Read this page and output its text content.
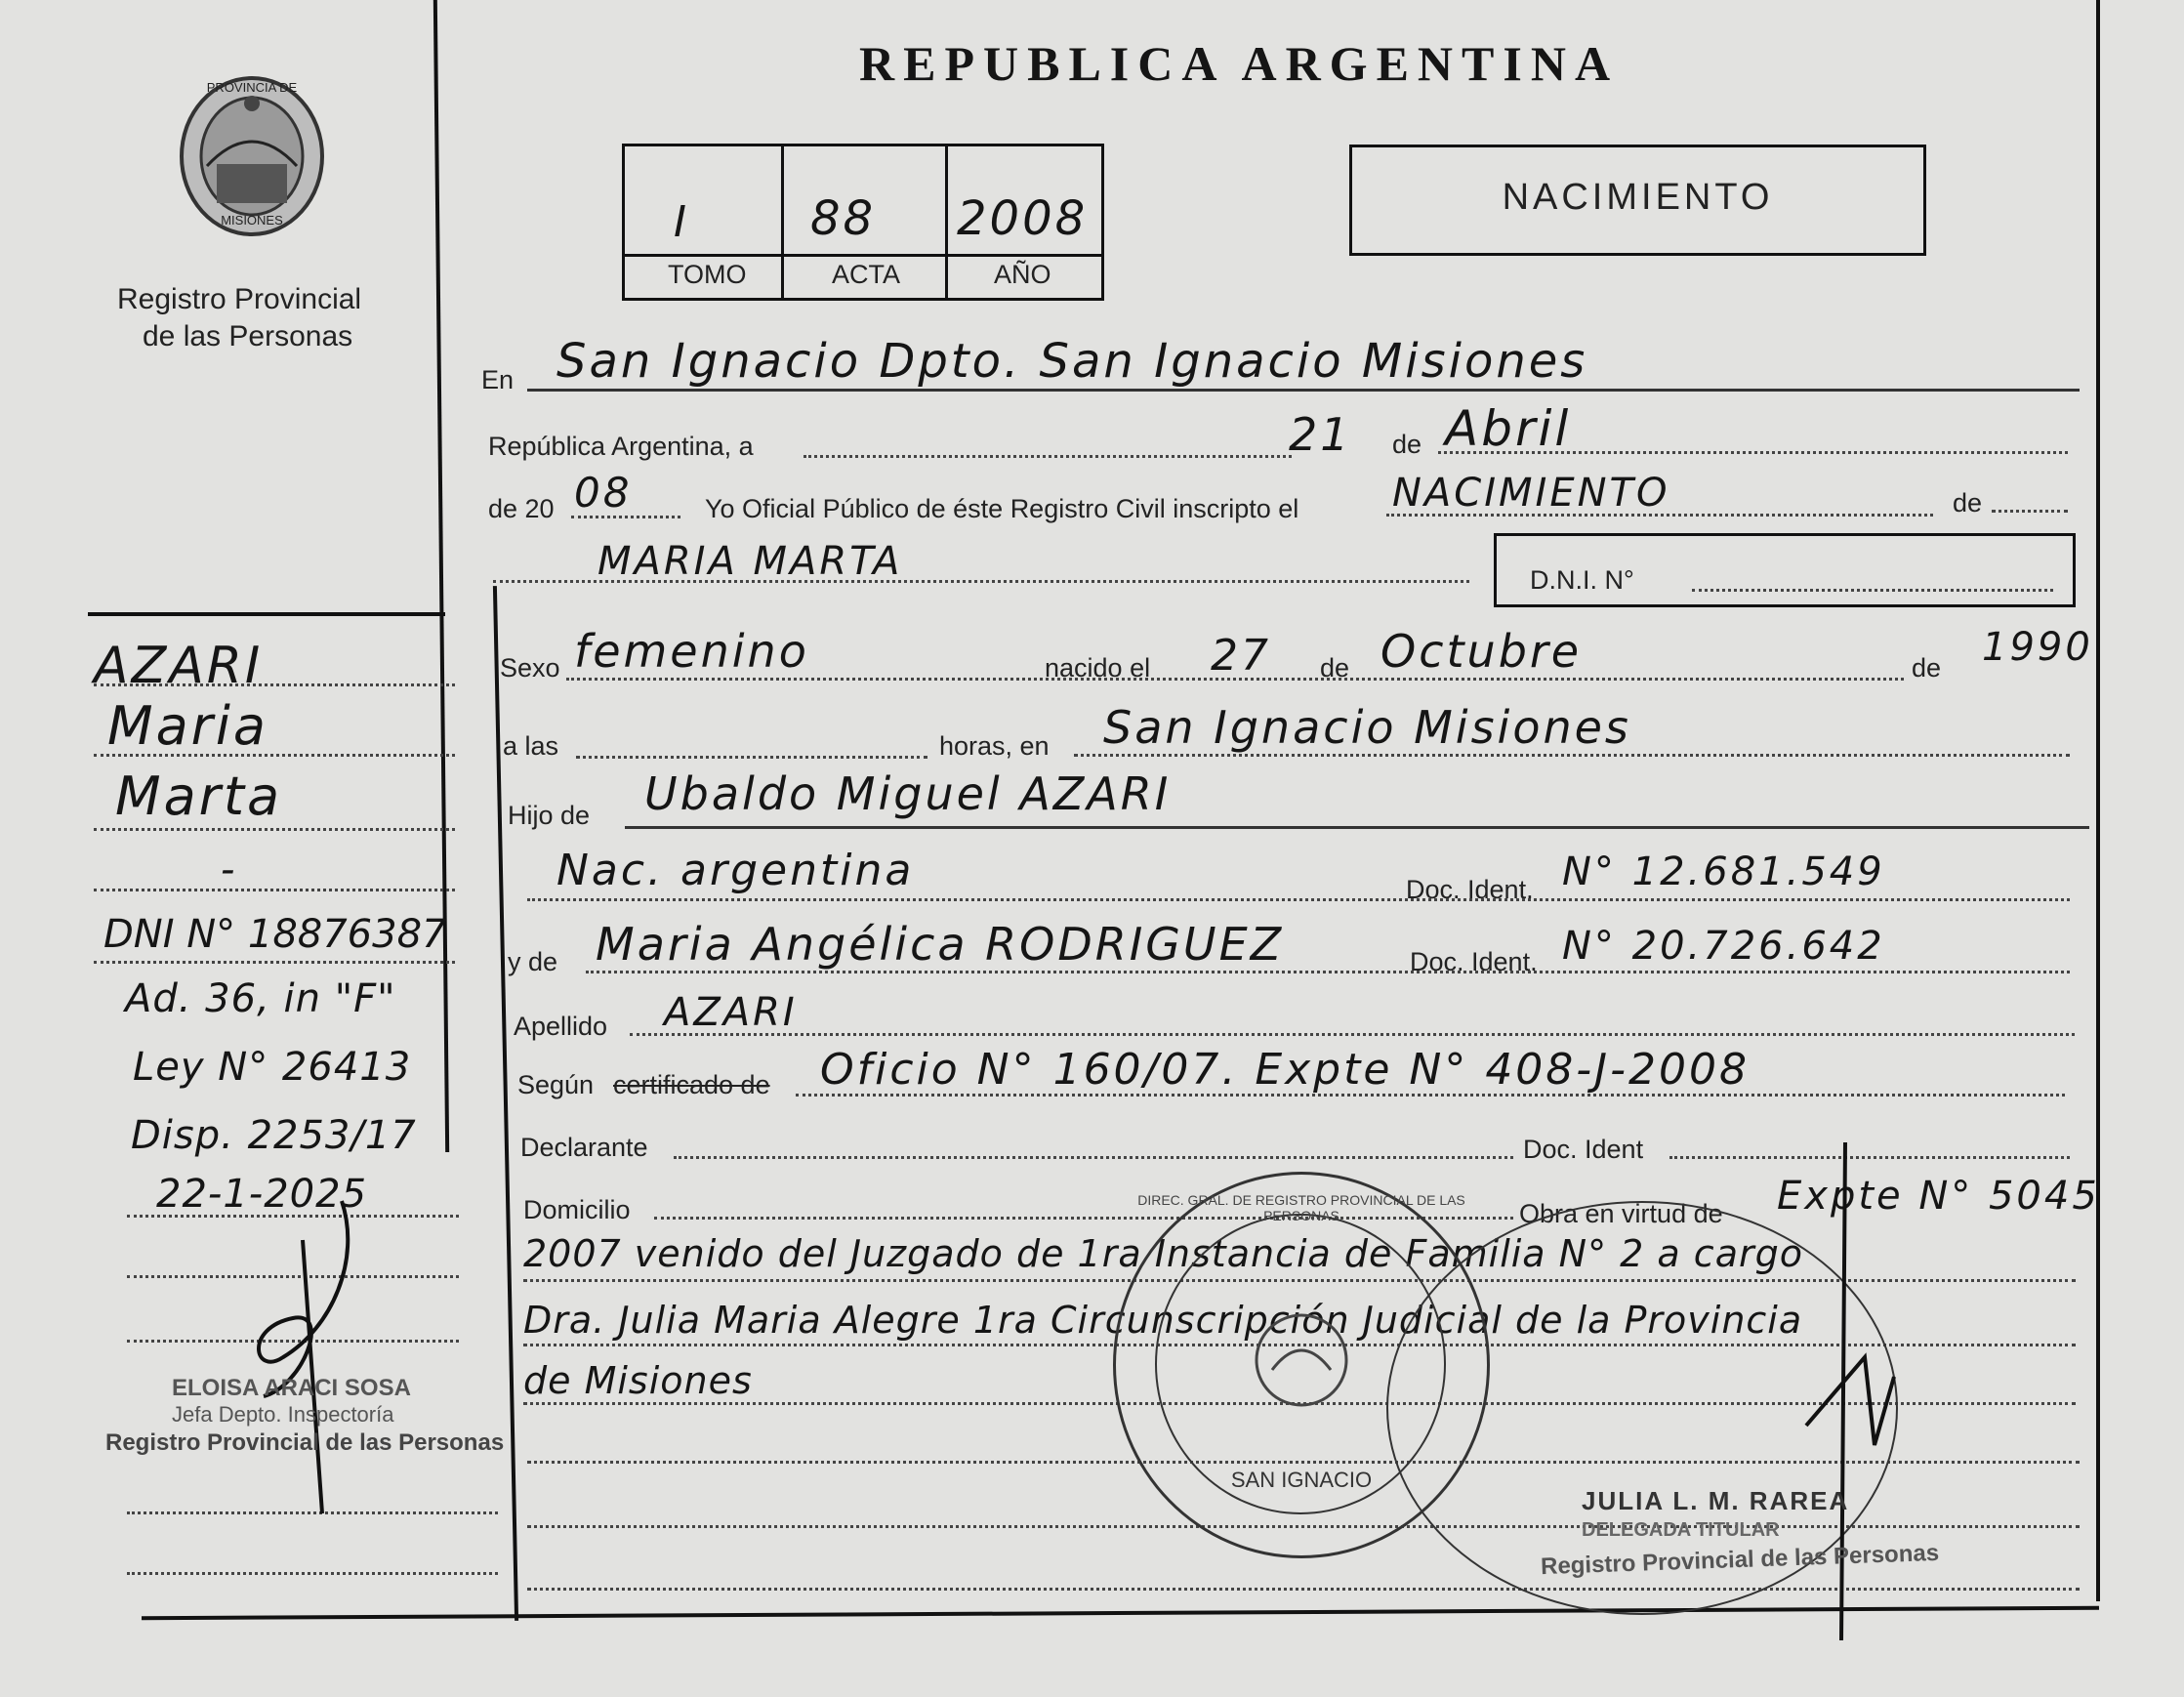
PROVINCIA DE
MISIONES
Registro Provincial
de las Personas
REPUBLICA ARGENTINA
I	88 2008
TOMO	ACTA	AÑO
NACIMIENTO
En San Ignacio Dpto. San Ignacio Misiones
República Argentina, a	21 de Abril
de 20 08	Yo Oficial Público de éste Registro Civil inscripto el NACIMIENTO	de
MARIA MARTA	D.N.I. N°
Sexo femenino	nacido el 27 de Octubre	de 1990
a las	horas, en San Ignacio Misiones
Hijo de Ubaldo Miguel AZARI
Nac. argentina	Doc. Ident. N° 12.681.549
y de Maria Angélica RODRIGUEZ	Doc. Ident. N° 20.726.642
Apellido AZARI
Según certificado de Oficio N° 160/07. Expte N° 408-J-2008
Declarante	Doc. Ident
Domicilio	Obra en virtud de Expte N° 5045
2007 venido del Juzgado de 1ra Instancia de Familia N° 2 a cargo
Dra. Julia Maria Alegre 1ra Circunscripción Judicial de la Provincia
de Misiones
AZARI
Maria
Marta
-
DNI N° 18876387
Ad. 36, in "F"
Ley N° 26413
Disp. 2253/17
22-1-2025
ELOISA ARACI SOSA
Jefa Depto. Inspectoría
Registro Provincial de las Personas
DIREC. GRAL. DE REGISTRO PROVINCIAL DE LAS PERSONAS
SAN IGNACIO
JULIA L. M. RAREA
DELEGADA TITULAR
Registro Provincial de las Personas
